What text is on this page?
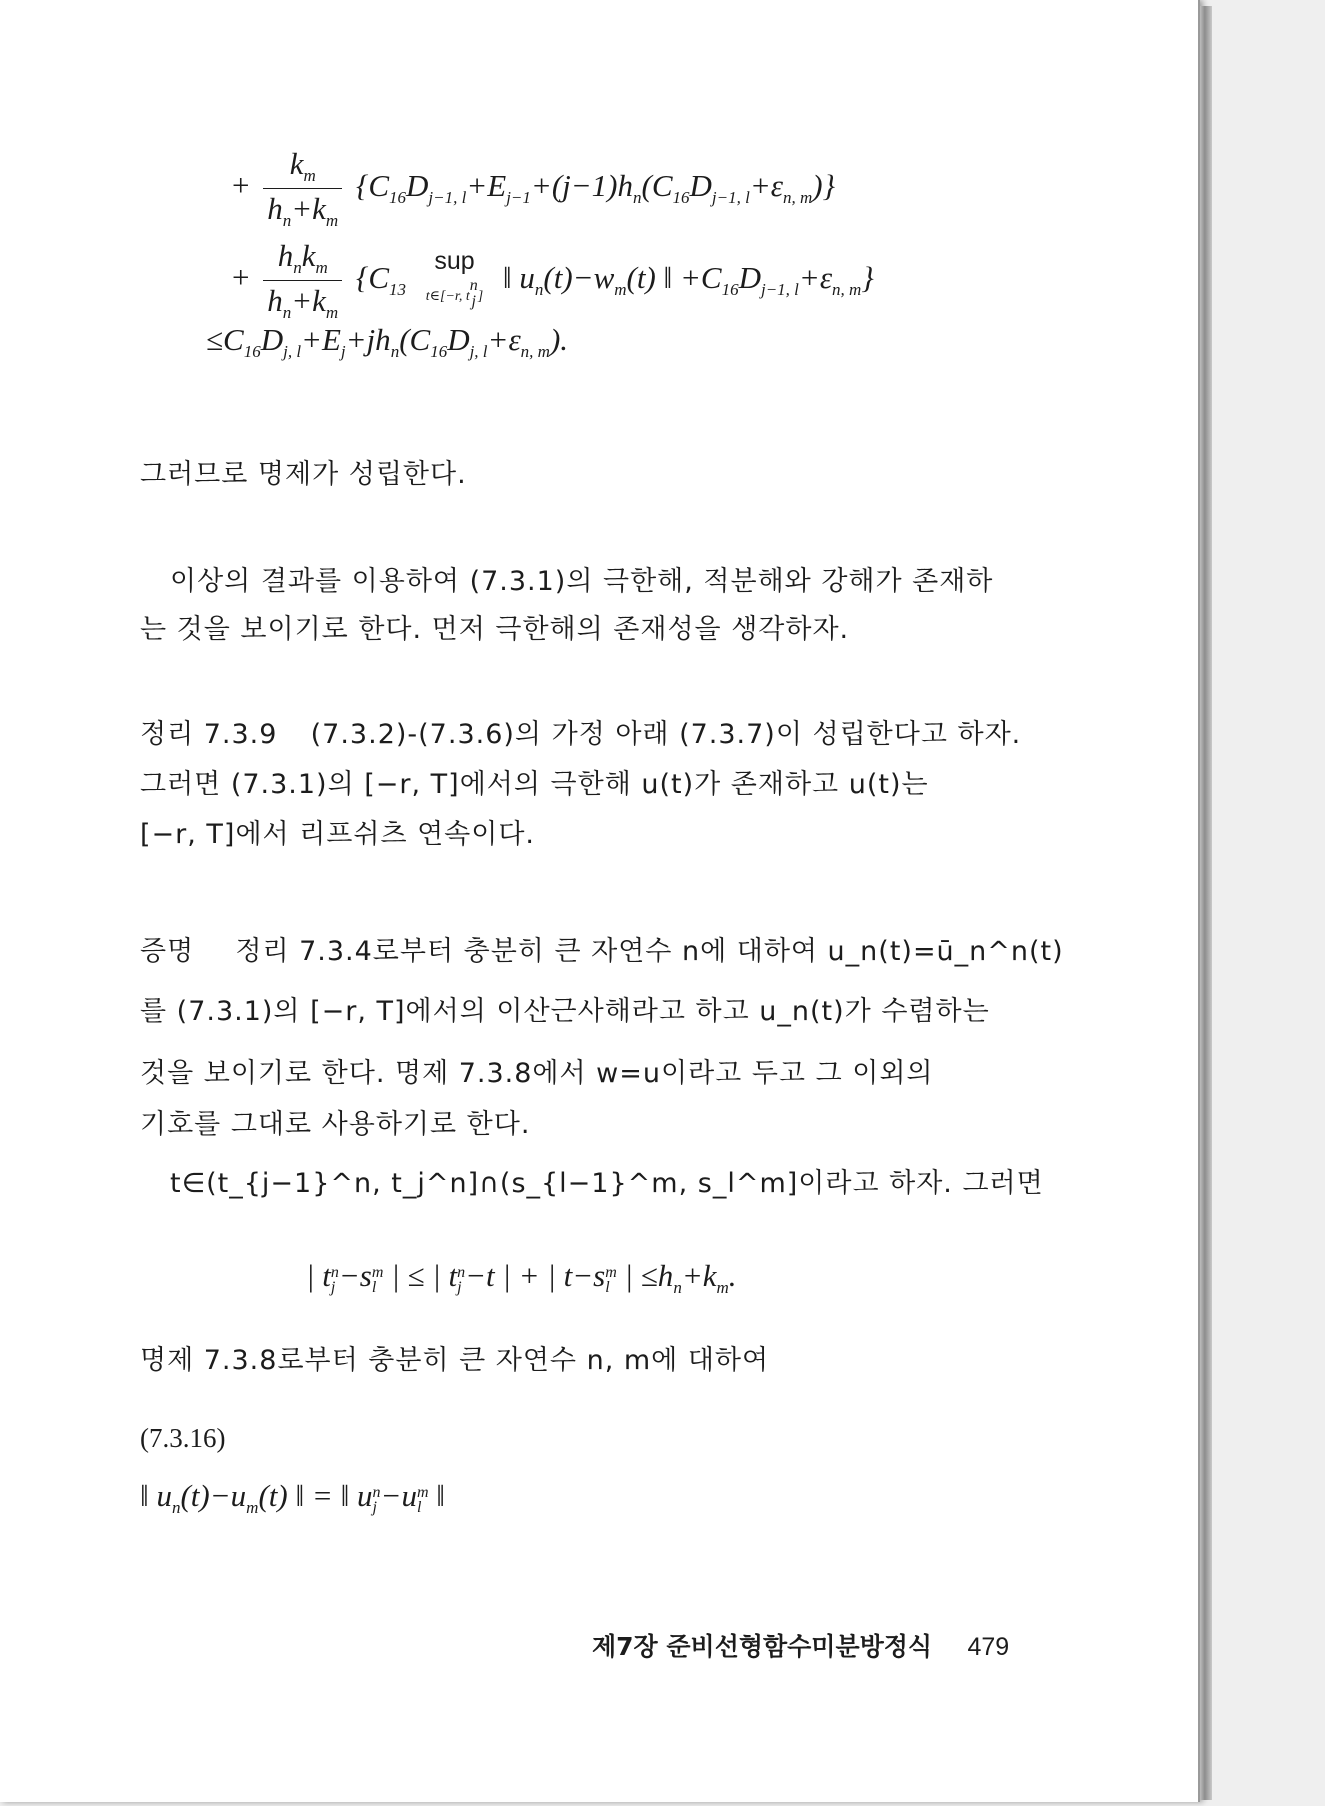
+ $\frac{k_m}{h_n+k_m} \{C_{16}D_{j-1, l}+E_{j-1}+(j-1)h_n(C_{16}D_{j-1, l}+\varepsilon_{n, m})\}$
+ $\frac{h_nk_m}{h_n+k_m} \{C_{13}$ sup
t∈[−r, t
n
j ] ‖ $u_n(t)-w_m(t)$ ‖ $+C_{16}D_{j-1, l}+\varepsilon_{n, m}$}
$\le C_{16}D_{j, l}+E_j+jh_n(C_{16}D_{j, l}+\varepsilon_{n, m})$.
그러므로 명제가 성립한다.
이상의 결과를 이용하여 (7.3.1)의 극한해, 적분해와 강해가 존재하
는 것을 보이기로 한다. 먼저 극한해의 존재성을 생각하자.
정리 7.3.9 (7.3.2)-(7.3.6)의 가정 아래 (7.3.7)이 성립한다고 하자.
그러면 (7.3.1)의 [−r, T]에서의 극한해 u(t)가 존재하고 u(t)는
[−r, T]에서 리프쉬츠 연속이다.
증명 정리 7.3.4로부터 충분히 큰 자연수 n에 대하여 u_n(t)=ū_n^n(t)
를 (7.3.1)의 [−r, T]에서의 이산근사해라고 하고 u_n(t)가 수렴하는
것을 보이기로 한다. 명제 7.3.8에서 w=u이라고 두고 그 이외의
기호를 그대로 사용하기로 한다.
t∈(t_{j−1}^n, t_j^n]∩(s_{l−1}^m, s_l^m]이라고 하자. 그러면
| t n
j −s m
l | ≤ | t n
j −t | + | t−s m
l | $\le h_n+k_m$.
명제 7.3.8로부터 충분히 큰 자연수 n, m에 대하여
(7.3.16)
‖ $u_n(t)-u_m(t)$ ‖ = ‖ u n
j −u m
l ‖
제7장 준비선형함수미분방정식 479
